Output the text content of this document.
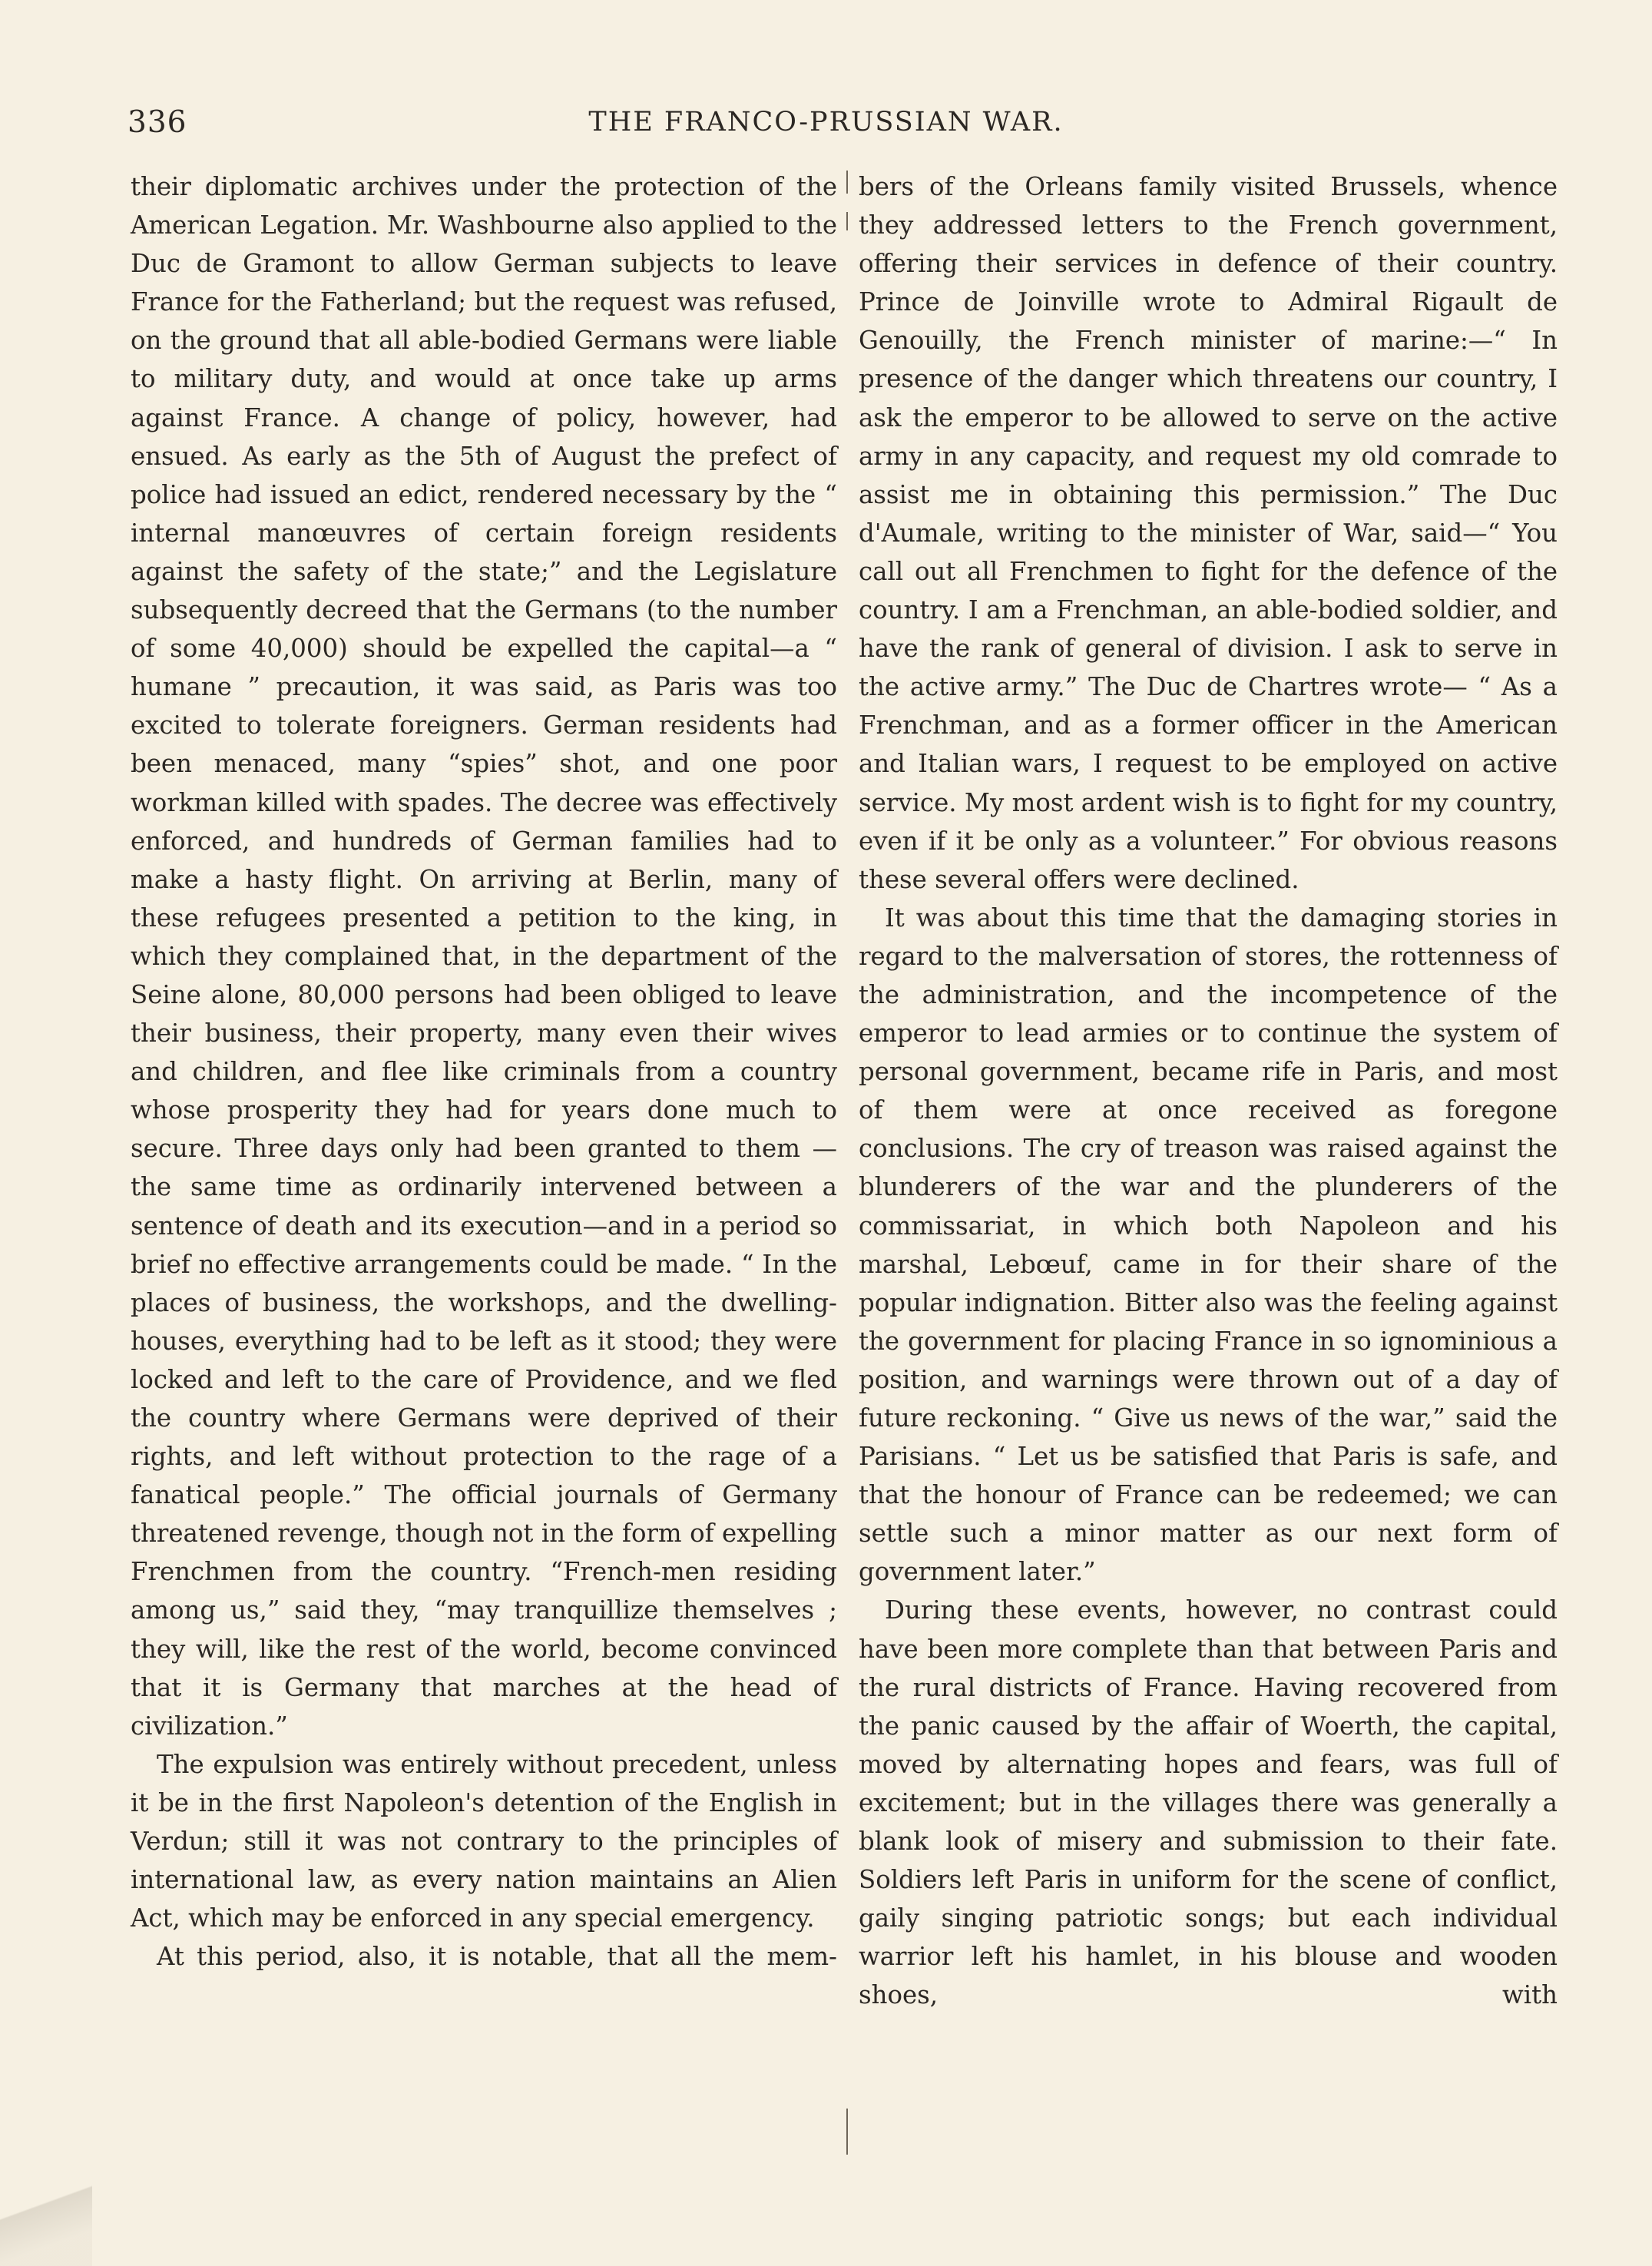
336	THE FRANCO-PRUSSIAN WAR.

their diplomatic archives under the protection of the American Legation. Mr. Washbourne also applied to the Duc de Gramont to allow German subjects to leave France for the Fatherland; but the request was refused, on the ground that all able-bodied Germans were liable to military duty, and would at once take up arms against France. A change of policy, however, had ensued. As early as the 5th of August the prefect of police had issued an edict, rendered necessary by the “ internal manœuvres of certain foreign residents against the safety of the state;” and the Legislature subsequently decreed that the Germans (to the number of some 40,000) should be expelled the capital—a “ humane ” precaution, it was said, as Paris was too excited to tolerate foreigners. German residents had been menaced, many “spies” shot, and one poor workman killed with spades. The decree was effectively enforced, and hundreds of German families had to make a hasty flight. On arriving at Berlin, many of these refugees presented a petition to the king, in which they complained that, in the department of the Seine alone, 80,000 persons had been obliged to leave their business, their property, many even their wives and children, and flee like criminals from a country whose prosperity they had for years done much to secure. Three days only had been granted to them — the same time as ordinarily intervened between a sentence of death and its execution—and in a period so brief no effective arrangements could be made. “ In the places of business, the workshops, and the dwelling-houses, everything had to be left as it stood; they were locked and left to the care of Providence, and we fled the country where Germans were deprived of their rights, and left without protection to the rage of a fanatical people.” The official journals of Germany threatened revenge, though not in the form of expelling Frenchmen from the country. “French-men residing among us,” said they, “may tranquillize themselves ; they will, like the rest of the world, become convinced that it is Germany that marches at the head of civilization.”

The expulsion was entirely without precedent, unless it be in the first Napoleon's detention of the English in Verdun; still it was not contrary to the principles of international law, as every nation maintains an Alien Act, which may be enforced in any special emergency.

At this period, also, it is notable, that all the mem-

bers of the Orleans family visited Brussels, whence they addressed letters to the French government, offering their services in defence of their country. Prince de Joinville wrote to Admiral Rigault de Genouilly, the French minister of marine:—“ In presence of the danger which threatens our country, I ask the emperor to be allowed to serve on the active army in any capacity, and request my old comrade to assist me in obtaining this permission.” The Duc d'Aumale, writing to the minister of War, said—“ You call out all Frenchmen to fight for the defence of the country. I am a Frenchman, an able-bodied soldier, and have the rank of general of division. I ask to serve in the active army.” The Duc de Chartres wrote— “ As a Frenchman, and as a former officer in the American and Italian wars, I request to be employed on active service. My most ardent wish is to fight for my country, even if it be only as a volunteer.” For obvious reasons these several offers were declined.

It was about this time that the damaging stories in regard to the malversation of stores, the rottenness of the administration, and the incompetence of the emperor to lead armies or to continue the system of personal government, became rife in Paris, and most of them were at once received as foregone conclusions. The cry of treason was raised against the blunderers of the war and the plunderers of the commissariat, in which both Napoleon and his marshal, Lebœuf, came in for their share of the popular indignation. Bitter also was the feeling against the government for placing France in so ignominious a position, and warnings were thrown out of a day of future reckoning. “ Give us news of the war,” said the Parisians. “ Let us be satisfied that Paris is safe, and that the honour of France can be redeemed; we can settle such a minor matter as our next form of government later.”

During these events, however, no contrast could have been more complete than that between Paris and the rural districts of France. Having recovered from the panic caused by the affair of Woerth, the capital, moved by alternating hopes and fears, was full of excitement; but in the villages there was generally a blank look of misery and submission to their fate. Soldiers left Paris in uniform for the scene of conflict, gaily singing patriotic songs; but each individual warrior left his hamlet, in his blouse and wooden shoes, with
